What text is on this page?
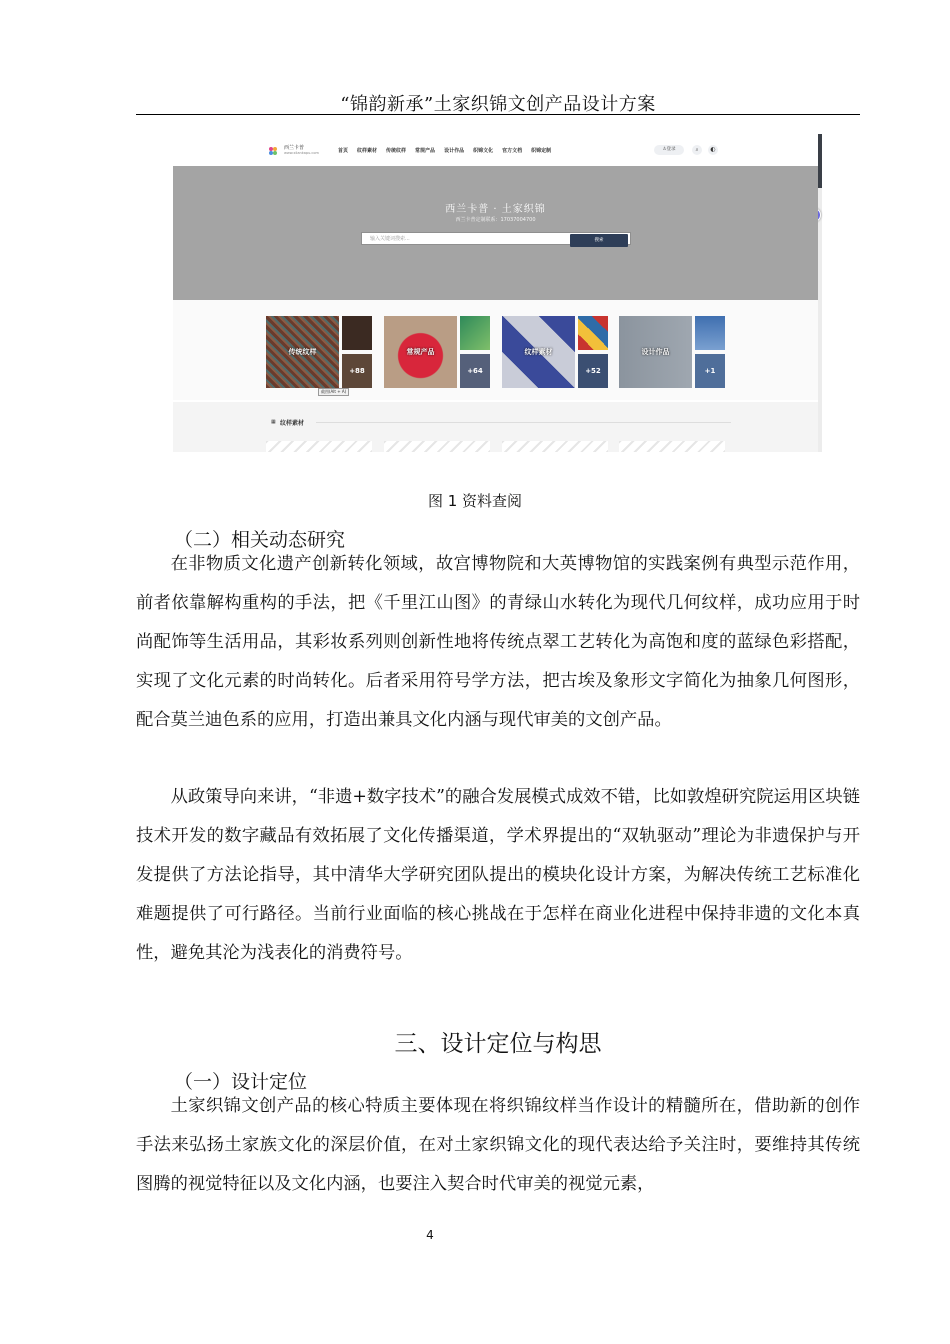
“锦韵新承”土家织锦文创产品设计方案
西兰卡普
www.xilankapu.com	首页 纹样素材 传统纹样 常规产品 设计作品 织锦文化 官方文档 织锦定制	♙登录	⌕	◐
西兰卡普 · 土家织锦
西兰卡普定制联系：17037004700
输入关键词搜索...	搜索
传统纹样
+88
常规产品
+64
纹样素材
+52
设计作品
+1
截图(Alt + A)
▦ 纹样素材
图 1 资料查阅
（二）相关动态研究

在非物质文化遗产创新转化领域，故宫博物院和大英博物馆的实践案例有典型示范作用，前者依靠解构重构的手法，把《千里江山图》的青绿山水转化为现代几何纹样，成功应用于时尚配饰等生活用品，其彩妆系列则创新性地将传统点翠工艺转化为高饱和度的蓝绿色彩搭配，实现了文化元素的时尚转化。后者采用符号学方法，把古埃及象形文字简化为抽象几何图形，配合莫兰迪色系的应用，打造出兼具文化内涵与现代审美的文创产品。

从政策导向来讲，“非遗+数字技术”的融合发展模式成效不错，比如敦煌研究院运用区块链技术开发的数字藏品有效拓展了文化传播渠道，学术界提出的“双轨驱动”理论为非遗保护与开发提供了方法论指导，其中清华大学研究团队提出的模块化设计方案，为解决传统工艺标准化难题提供了可行路径。当前行业面临的核心挑战在于怎样在商业化进程中保持非遗的文化本真性，避免其沦为浅表化的消费符号。

三、设计定位与构思
（一）设计定位

土家织锦文创产品的核心特质主要体现在将织锦纹样当作设计的精髓所在，借助新的创作手法来弘扬土家族文化的深层价值，在对土家织锦文化的现代表达给予关注时，要维持其传统图腾的视觉特征以及文化内涵，也要注入契合时代审美的视觉元素，

4
